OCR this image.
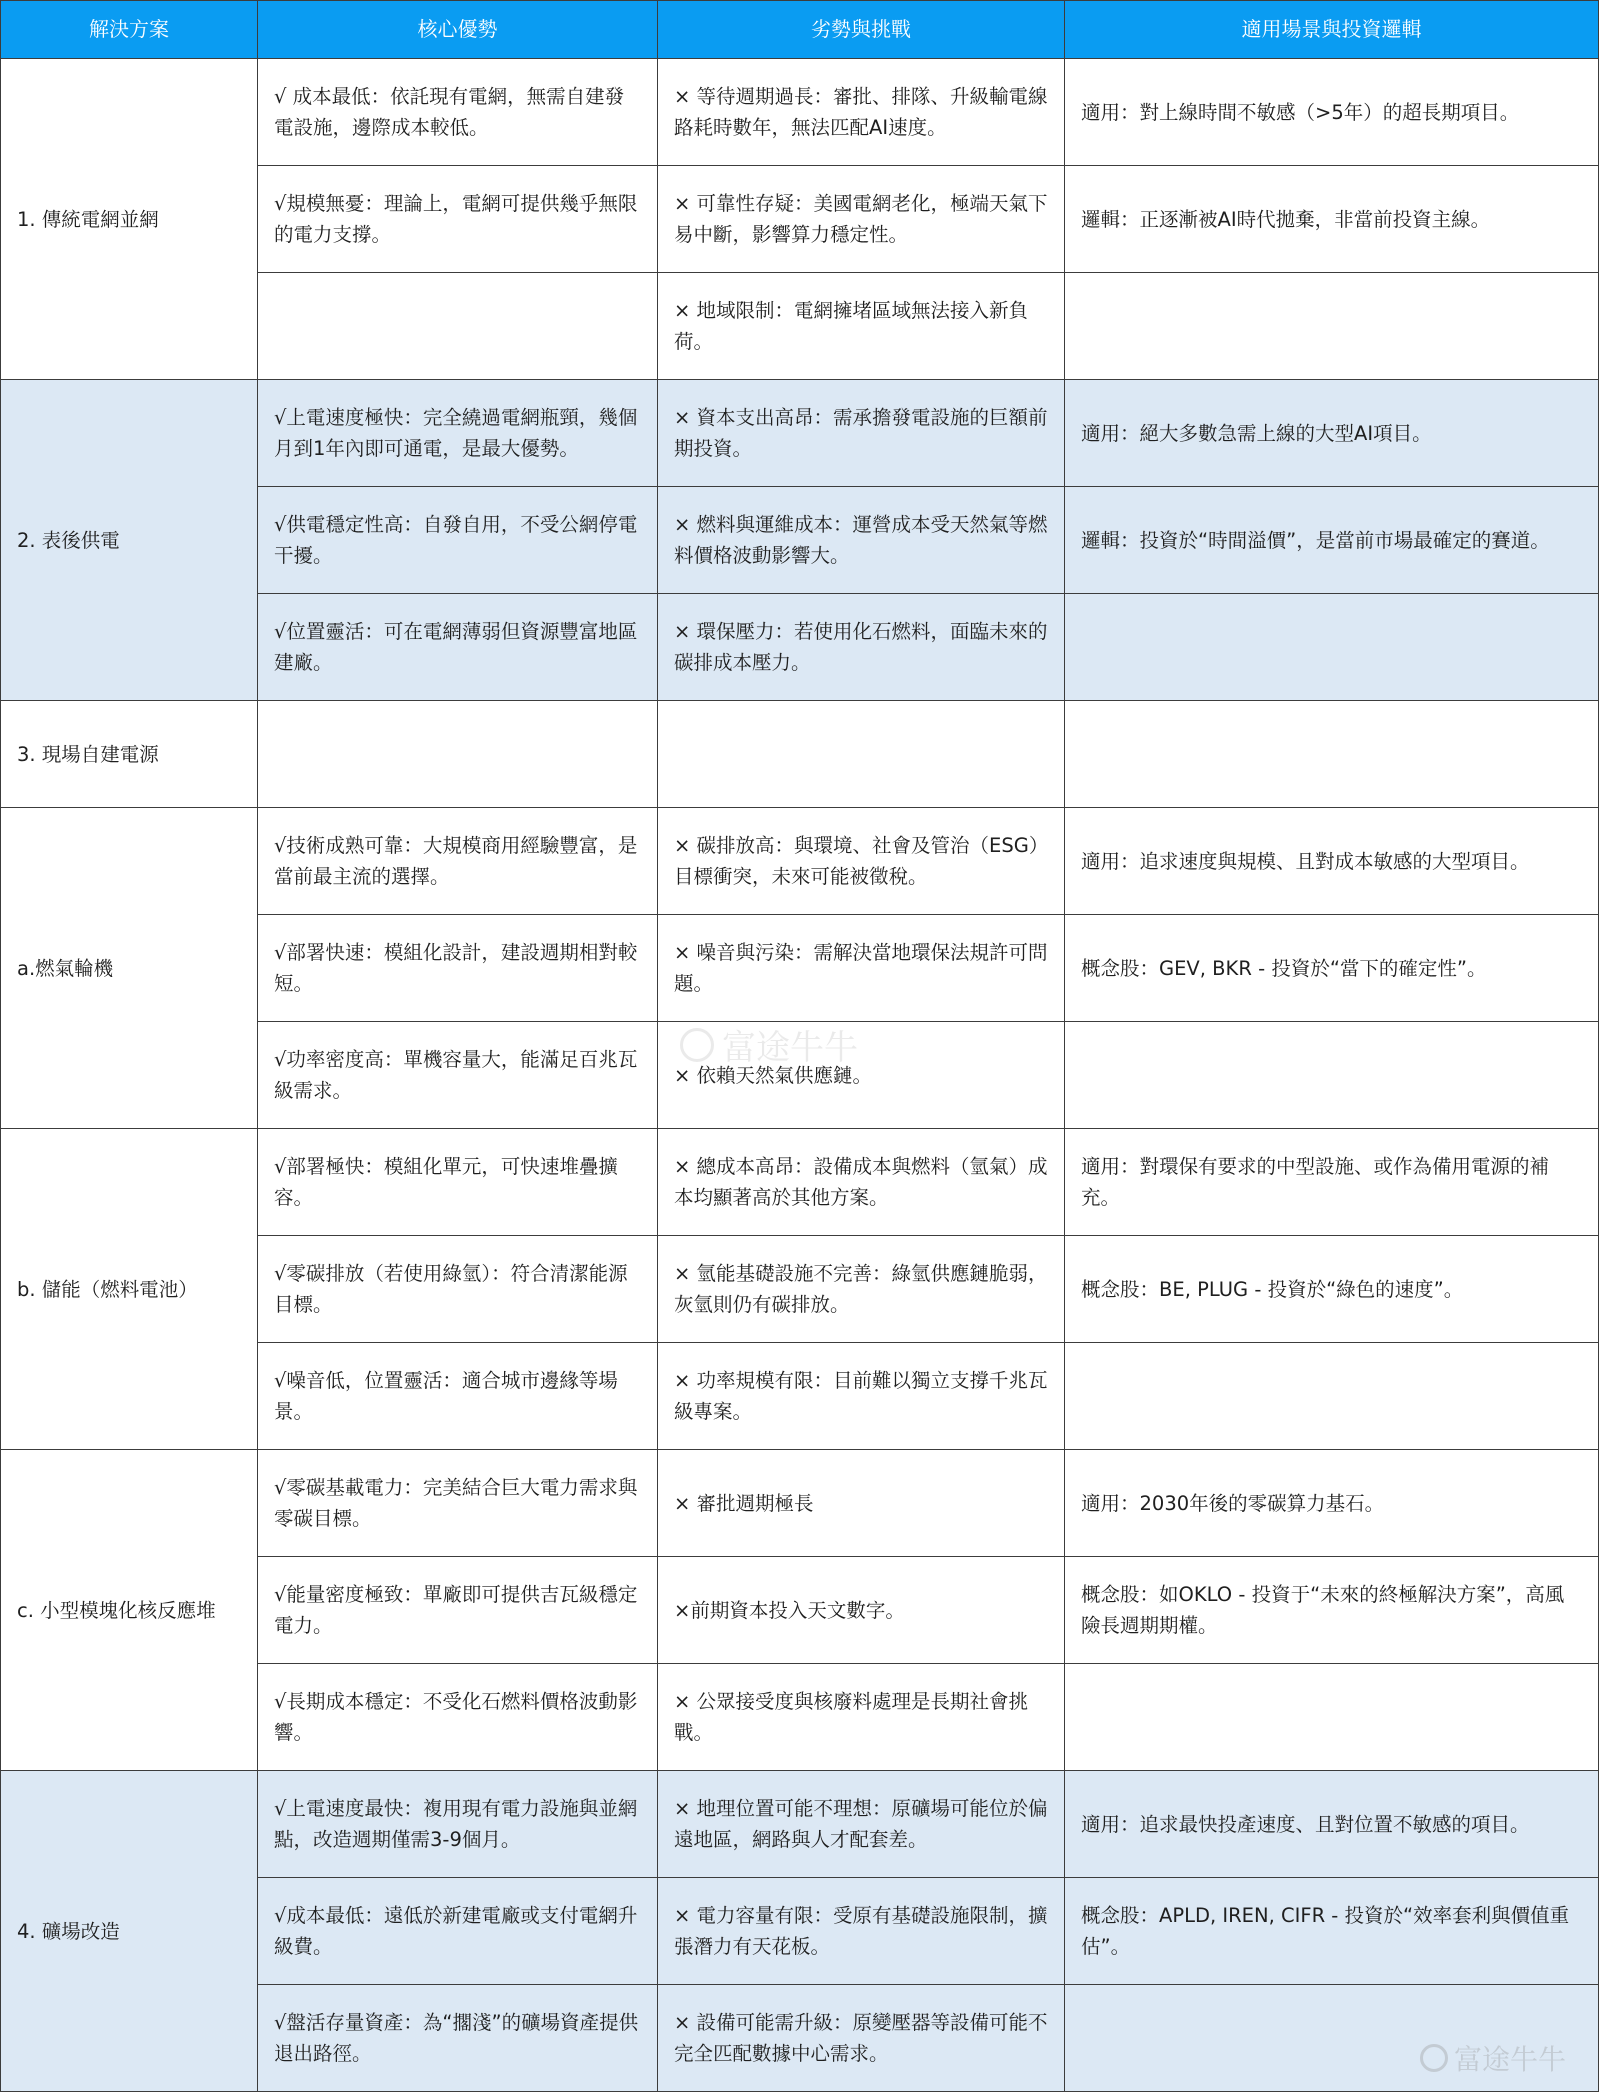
解決方案	核心優勢	劣勢與挑戰	適用場景與投資邏輯
1. 傳統電網並網	√ 成本最低：依託現有電網，無需自建發電設施，邊際成本較低。	× 等待週期過長：審批、排隊、升級輸電線路耗時數年，無法匹配AI速度。	適用：對上線時間不敏感（>5年）的超長期項目。
	√規模無憂：理論上，電網可提供幾乎無限的電力支撐。	× 可靠性存疑：美國電網老化，極端天氣下易中斷，影響算力穩定性。	邏輯：正逐漸被AI時代拋棄，非當前投資主線。
		× 地域限制：電網擁堵區域無法接入新負荷。	
2. 表後供電	√上電速度極快：完全繞過電網瓶頸，幾個月到1年內即可通電，是最大優勢。	× 資本支出高昂：需承擔發電設施的巨額前期投資。	適用：絕大多數急需上線的大型AI項目。
	√供電穩定性高：自發自用，不受公網停電干擾。	× 燃料與運維成本：運營成本受天然氣等燃料價格波動影響大。	邏輯：投資於“時間溢價”，是當前市場最確定的賽道。
	√位置靈活：可在電網薄弱但資源豐富地區建廠。	× 環保壓力：若使用化石燃料，面臨未來的碳排成本壓力。	
3. 現場自建電源			
a.燃氣輪機	√技術成熟可靠：大規模商用經驗豐富，是當前最主流的選擇。	× 碳排放高：與環境、社會及管治（ESG）目標衝突，未來可能被徵稅。	適用：追求速度與規模、且對成本敏感的大型項目。
	√部署快速：模組化設計，建設週期相對較短。	× 噪音與污染：需解決當地環保法規許可問題。	概念股：GEV, BKR - 投資於“當下的確定性”。
	√功率密度高：單機容量大，能滿足百兆瓦級需求。	× 依賴天然氣供應鏈。	
b. 儲能（燃料電池）	√部署極快：模組化單元，可快速堆疊擴容。	× 總成本高昂：設備成本與燃料（氫氣）成本均顯著高於其他方案。	適用：對環保有要求的中型設施、或作為備用電源的補充。
	√零碳排放（若使用綠氫）：符合清潔能源目標。	× 氫能基礎設施不完善：綠氫供應鏈脆弱，灰氫則仍有碳排放。	概念股：BE, PLUG - 投資於“綠色的速度”。
	√噪音低，位置靈活：適合城市邊緣等場景。	× 功率規模有限：目前難以獨立支撐千兆瓦級專案。	
c. 小型模塊化核反應堆	√零碳基載電力：完美結合巨大電力需求與零碳目標。	× 審批週期極長	適用：2030年後的零碳算力基石。
	√能量密度極致：單廠即可提供吉瓦級穩定電力。	×前期資本投入天文數字。	概念股：如OKLO - 投資于“未來的終極解決方案”，高風險長週期期權。
	√長期成本穩定：不受化石燃料價格波動影響。	× 公眾接受度與核廢料處理是長期社會挑戰。	
4. 礦場改造	√上電速度最快：複用現有電力設施與並網點，改造週期僅需3-9個月。	× 地理位置可能不理想：原礦場可能位於偏遠地區，網路與人才配套差。	適用：追求最快投產速度、且對位置不敏感的項目。
	√成本最低：遠低於新建電廠或支付電網升級費。	× 電力容量有限：受原有基礎設施限制，擴張潛力有天花板。	概念股：APLD, IREN, CIFR - 投資於“效率套利與價值重估”。
	√盤活存量資產：為“擱淺”的礦場資產提供退出路徑。	× 設備可能需升級：原變壓器等設備可能不完全匹配數據中心需求。	
富途牛牛
富途牛牛
